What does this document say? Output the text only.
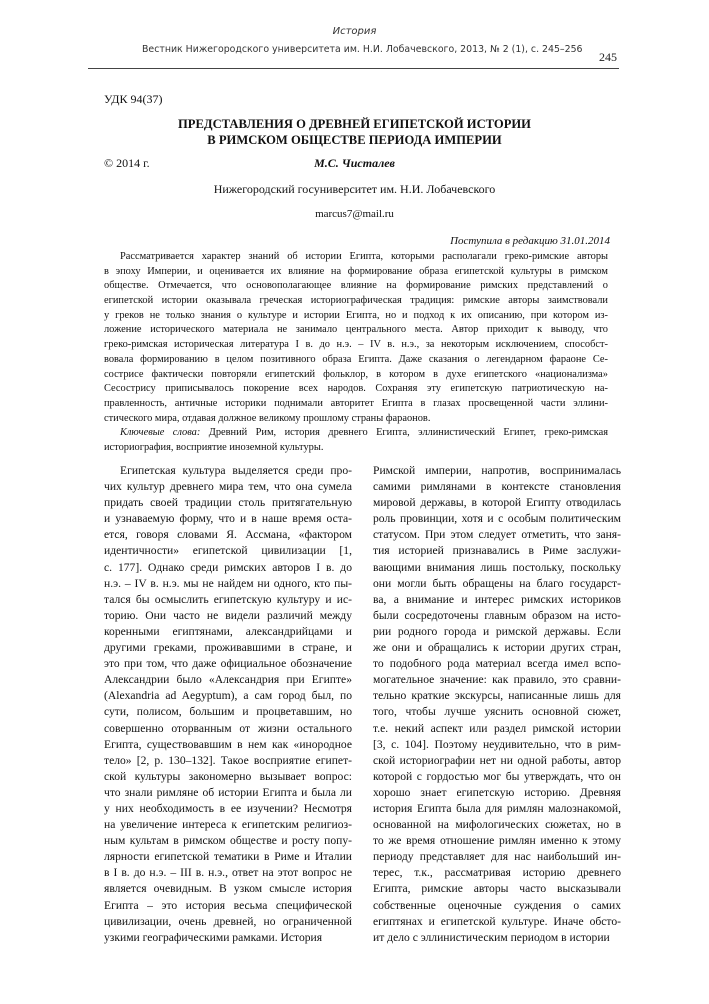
История
Вестник Нижегородского университета им. Н.И. Лобачевского, 2013, № 2 (1), с. 245–256
245
УДК 94(37)
ПРЕДСТАВЛЕНИЯ О ДРЕВНЕЙ ЕГИПЕТСКОЙ ИСТОРИИ
В РИМСКОМ ОБЩЕСТВЕ ПЕРИОДА ИМПЕРИИ
© 2014 г.	М.С. Чисталев
Нижегородский госуниверситет им. Н.И. Лобачевского
marcus7@mail.ru
Поступила в редакцию 31.01.2014
Рассматривается характер знаний об истории Египта, которыми располагали греко-римские авторы
в эпоху Империи, и оценивается их влияние на формирование образа египетской культуры в римском
обществе. Отмечается, что основополагающее влияние на формирование римских представлений о
египетской истории оказывала греческая историографическая традиция: римские авторы заимствовали
у греков не только знания о культуре и истории Египта, но и подход к их описанию, при котором из-
ложение исторического материала не занимало центрального места. Автор приходит к выводу, что
греко-римская историческая литература I в. до н.э. – IV в. н.э., за некоторым исключением, способст-
вовала формированию в целом позитивного образа Египта. Даже сказания о легендарном фараоне Се-
сострисе фактически повторяли египетский фольклор, в котором в духе египетского «национализма»
Сесострису приписывалось покорение всех народов. Сохраняя эту египетскую патриотическую на-
правленность, античные историки поднимали авторитет Египта в глазах просвещенной части эллини-
стического мира, отдавая должное великому прошлому страны фараонов.
Ключевые слова: Древний Рим, история древнего Египта, эллинистический Египет, греко-римская
историография, восприятие иноземной культуры.
Египетская культура выделяется среди про-
чих культур древнего мира тем, что она сумела
придать своей традиции столь притягательную
и узнаваемую форму, что и в наше время оста-
ется, говоря словами Я. Ассмана, «фактором
идентичности» египетской цивилизации [1,
с. 177]. Однако среди римских авторов I в. до
н.э. – IV в. н.э. мы не найдем ни одного, кто пы-
тался бы осмыслить египетскую культуру и ис-
торию. Они часто не видели различий между
коренными египтянами, александрийцами и
другими греками, проживавшими в стране, и
это при том, что даже официальное обозначение
Александрии было «Александрия при Египте»
(Alexandria ad Aegyptum), а сам город был, по
сути, полисом, большим и процветавшим, но
совершенно оторванным от жизни остального
Египта, существовавшим в нем как «инородное
тело» [2, р. 130–132]. Такое восприятие египет-
ской культуры закономерно вызывает вопрос:
что знали римляне об истории Египта и была ли
у них необходимость в ее изучении? Несмотря
на увеличение интереса к египетским религиоз-
ным культам в римском обществе и росту попу-
лярности египетской тематики в Риме и Италии
в I в. до н.э. – III в. н.э., ответ на этот вопрос не
является очевидным. В узком смысле история
Египта – это история весьма специфической
цивилизации, очень древней, но ограниченной
узкими географическими рамками. История
Римской империи, напротив, воспринималась
самими римлянами в контексте становления
мировой державы, в которой Египту отводилась
роль провинции, хотя и с особым политическим
статусом. При этом следует отметить, что заня-
тия историей признавались в Риме заслужи-
вающими внимания лишь постольку, поскольку
они могли быть обращены на благо государст-
ва, а внимание и интерес римских историков
были сосредоточены главным образом на исто-
рии родного города и римской державы. Если
же они и обращались к истории других стран,
то подобного рода материал всегда имел вспо-
могательное значение: как правило, это сравни-
тельно краткие экскурсы, написанные лишь для
того, чтобы лучше уяснить основной сюжет,
т.е. некий аспект или раздел римской истории
[3, с. 104]. Поэтому неудивительно, что в рим-
ской историографии нет ни одной работы, автор
которой с гордостью мог бы утверждать, что он
хорошо знает египетскую историю. Древняя
история Египта была для римлян малознакомой,
основанной на мифологических сюжетах, но в
то же время отношение римлян именно к этому
периоду представляет для нас наибольший ин-
терес, т.к., рассматривая историю древнего
Египта, римские авторы часто высказывали
собственные оценочные суждения о самих
египтянах и египетской культуре. Иначе обсто-
ит дело с эллинистическим периодом в истории
